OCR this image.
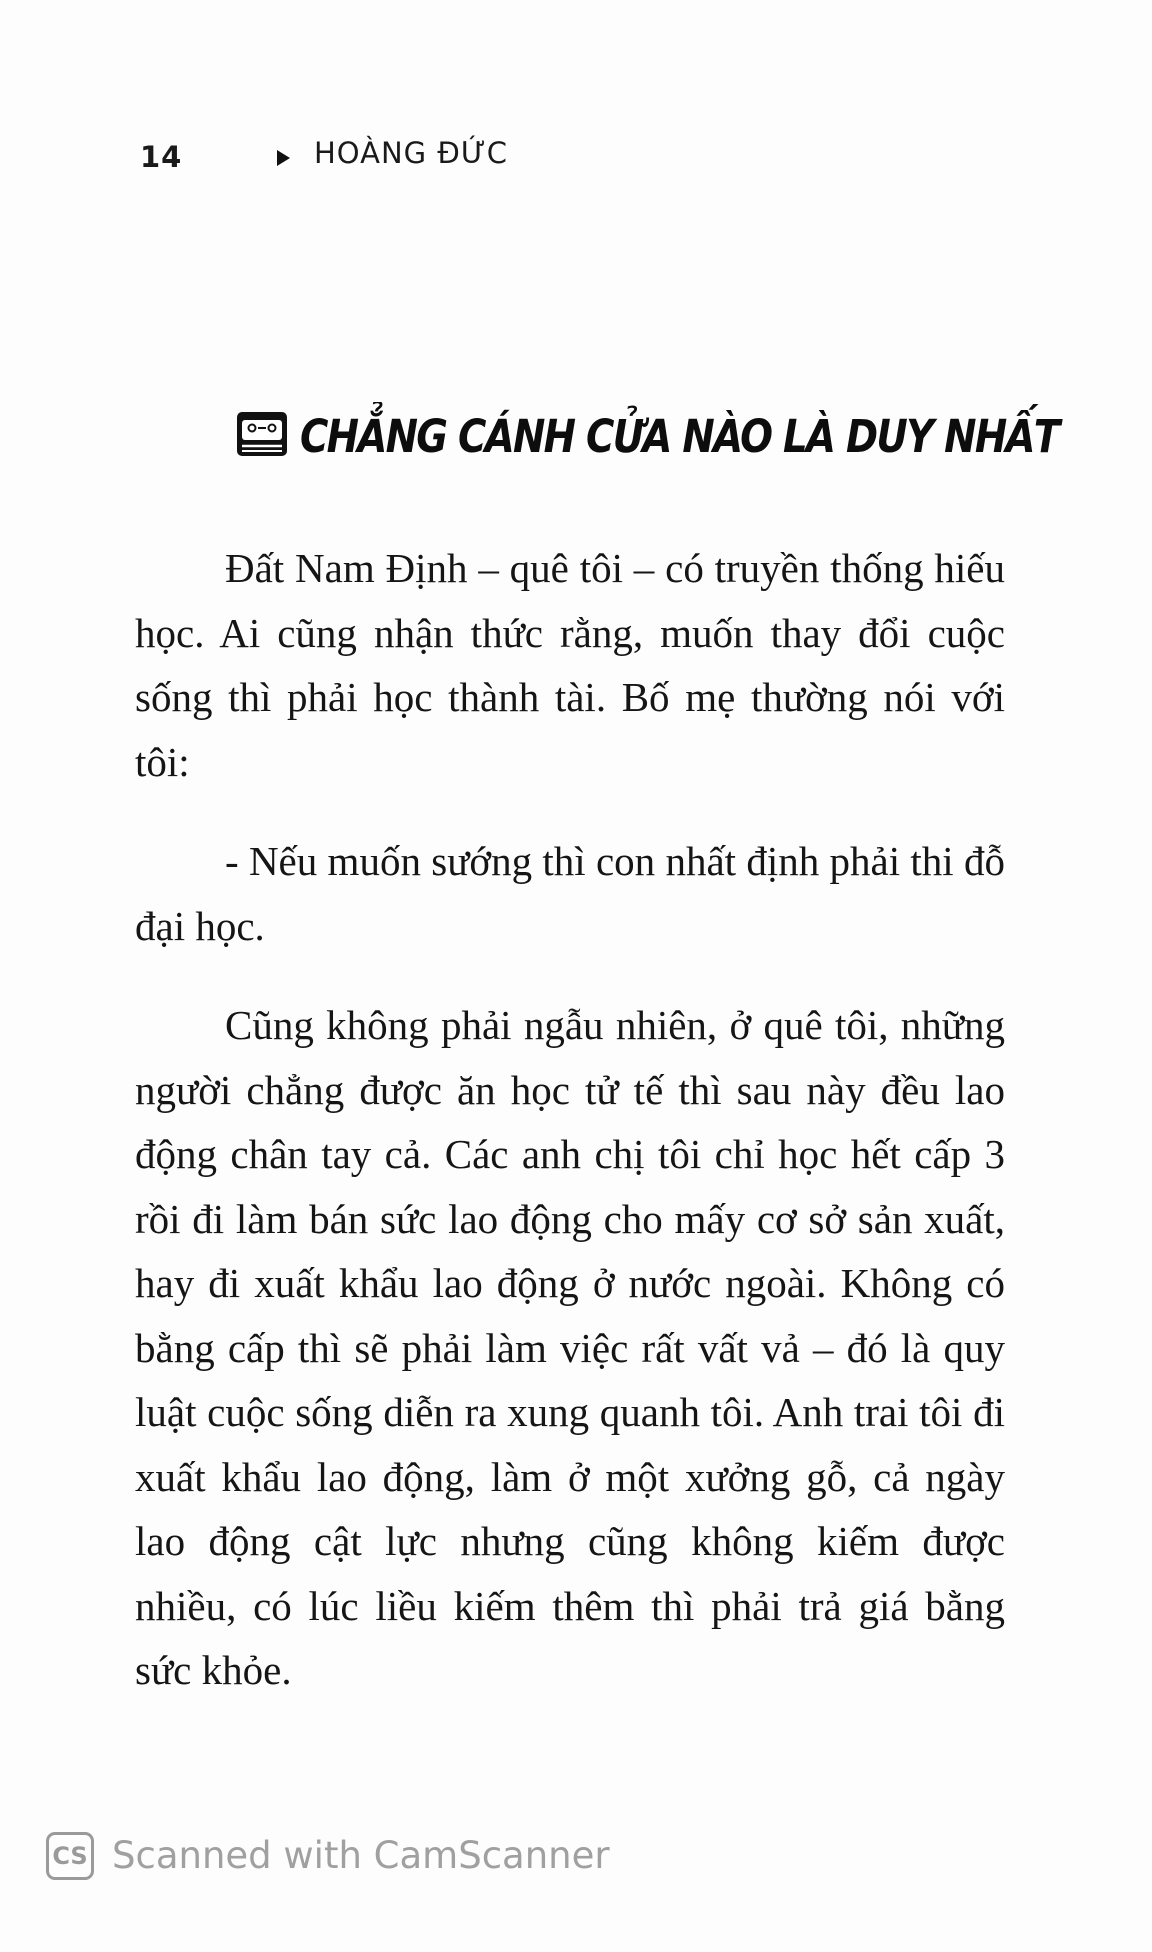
14	HOÀNG ĐỨC
CHẲNG CÁNH CỬA NÀO LÀ DUY NHẤT

Đất Nam Định – quê tôi – có truyền thống hiếu học. Ai cũng nhận thức rằng, muốn thay đổi cuộc sống thì phải học thành tài. Bố mẹ thường nói với tôi:

- Nếu muốn sướng thì con nhất định phải thi đỗ đại học.

Cũng không phải ngẫu nhiên, ở quê tôi, những người chẳng được ăn học tử tế thì sau này đều lao động chân tay cả. Các anh chị tôi chỉ học hết cấp 3 rồi đi làm bán sức lao động cho mấy cơ sở sản xuất, hay đi xuất khẩu lao động ở nước ngoài. Không có bằng cấp thì sẽ phải làm việc rất vất vả – đó là quy luật cuộc sống diễn ra xung quanh tôi. Anh trai tôi đi xuất khẩu lao động, làm ở một xưởng gỗ, cả ngày lao động cật lực nhưng cũng không kiếm được nhiều, có lúc liều kiếm thêm thì phải trả giá bằng sức khỏe.

CS Scanned with CamScanner
